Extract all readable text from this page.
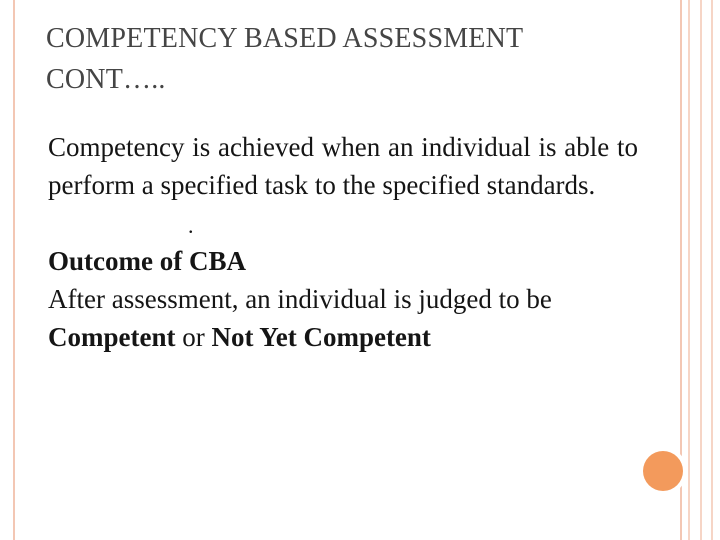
COMPETENCY BASED ASSESSMENT CONT…..

Competency is achieved when an individual is able to perform a specified task to the specified standards.

.

Outcome of CBA

After assessment, an individual is judged to be

Competent or Not Yet Competent
